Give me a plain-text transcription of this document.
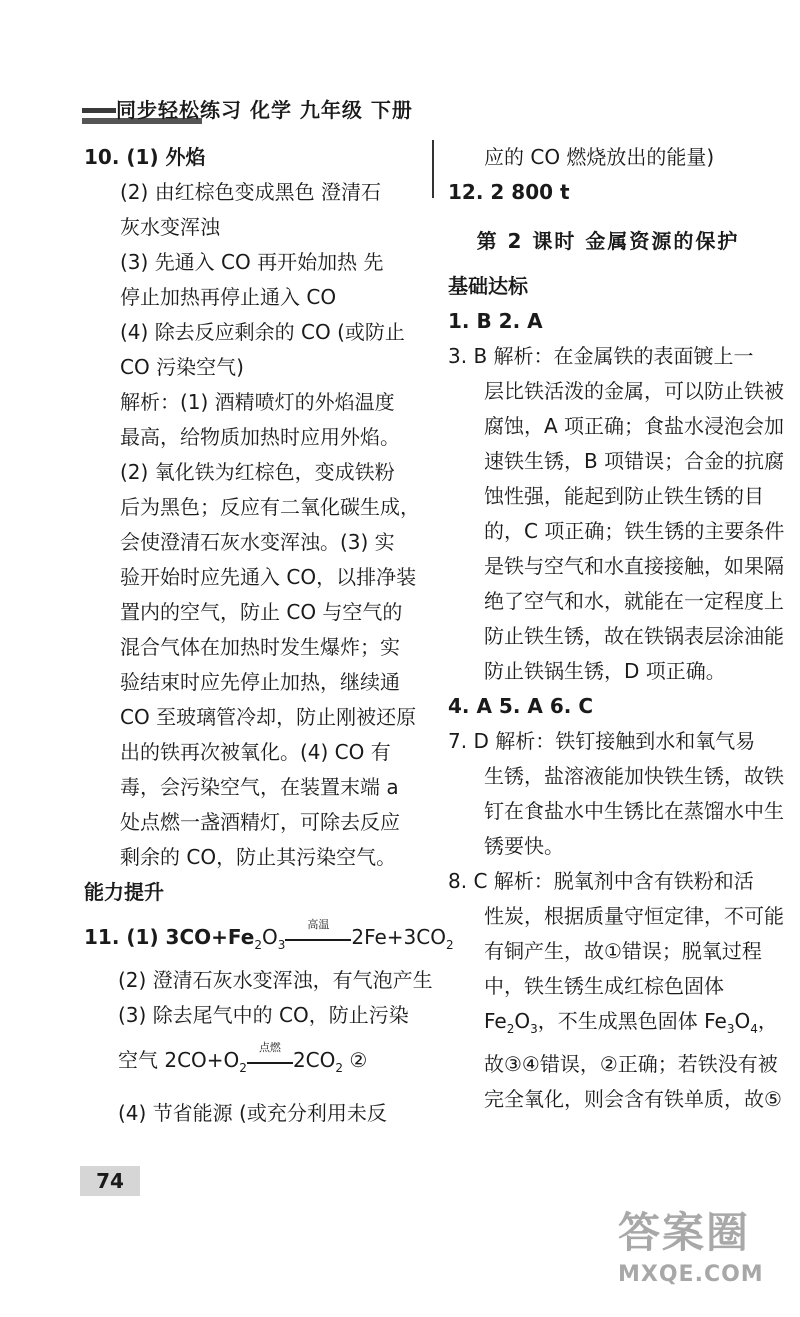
同步轻松练习 化学 九年级 下册
10. (1) 外焰
(2) 由红棕色变成黑色 澄清石
灰水变浑浊
(3) 先通入 CO 再开始加热 先
停止加热再停止通入 CO
(4) 除去反应剩余的 CO (或防止
CO 污染空气)
解析：(1) 酒精喷灯的外焰温度
最高，给物质加热时应用外焰。
(2) 氧化铁为红棕色，变成铁粉
后为黑色；反应有二氧化碳生成，
会使澄清石灰水变浑浊。(3) 实
验开始时应先通入 CO，以排净装
置内的空气，防止 CO 与空气的
混合气体在加热时发生爆炸；实
验结束时应先停止加热，继续通
CO 至玻璃管冷却，防止刚被还原
出的铁再次被氧化。(4) CO 有
毒，会污染空气，在装置末端 a
处点燃一盏酒精灯，可除去反应
剩余的 CO，防止其污染空气。
能力提升
11. (1) $3CO+Fe_2O_3$
高温
$2Fe+3CO_2$
(2) 澄清石灰水变浑浊，有气泡产生
(3) 除去尾气中的 CO，防止污染
空气 $2CO+O_2$
点燃
$2CO_2$ ②
(4) 节省能源 (或充分利用未反
应的 CO 燃烧放出的能量)
12. 2 800 t
第 2 课时 金属资源的保护
基础达标
1. B 2. A
3. B 解析：在金属铁的表面镀上一
层比铁活泼的金属，可以防止铁被
腐蚀，A 项正确；食盐水浸泡会加
速铁生锈，B 项错误；合金的抗腐
蚀性强，能起到防止铁生锈的目
的，C 项正确；铁生锈的主要条件
是铁与空气和水直接接触，如果隔
绝了空气和水，就能在一定程度上
防止铁生锈，故在铁锅表层涂油能
防止铁锅生锈，D 项正确。
4. A 5. A 6. C
7. D 解析：铁钉接触到水和氧气易
生锈，盐溶液能加快铁生锈，故铁
钉在食盐水中生锈比在蒸馏水中生
锈要快。
8. C 解析：脱氧剂中含有铁粉和活
性炭，根据质量守恒定律，不可能
有铜产生，故①错误；脱氧过程
中，铁生锈生成红棕色固体
$Fe_2O_3$，不生成黑色固体 $Fe_3O_4$，
故③④错误，②正确；若铁没有被
完全氧化，则会含有铁单质，故⑤
74
答案圈
MXQE.COM
